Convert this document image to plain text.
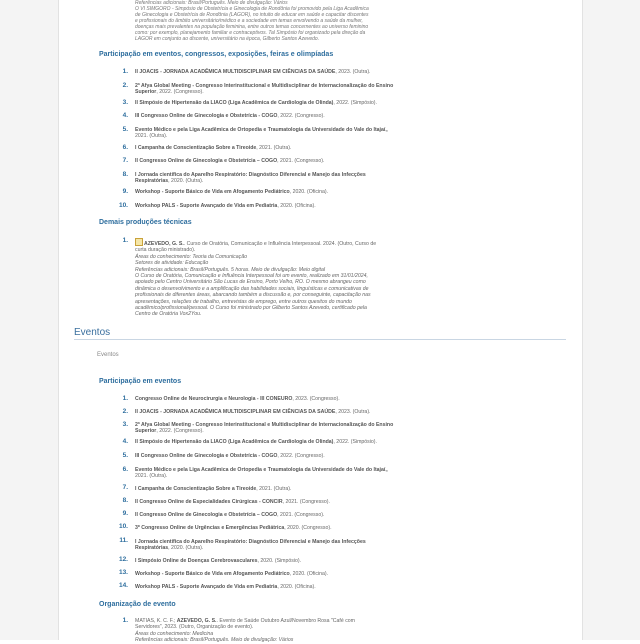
Referências adicionais: Brasil/Português. Meio de divulgação: Vários
O VI SIMGORO - Simpósio de Obstetrícia e Ginecologia de Rondônia foi promovido pela Liga Acadêmica
de Ginecologia e Obstetrícia de Rondônia (LAGOR), no intuito de educar em saúde e capacitar discentes
e profissionais do âmbito universitário/médico e a sociedade em temas envolvendo a saúde da mulher,
doenças mais prevalentes na população feminina, entre outros temas concernentes ao universo feminino
como: por exemplo, planejamento familiar e contraceptivos. Tal Simpósio foi organizado pela direção da
LAGOR em conjunto ao discente, universitário na época, Gilberto Santos Azevedo.
Participação em eventos, congressos, exposições, feiras e olimpíadas
1. II JOACIS - JORNADA ACADÊMICA MULTIDISCIPLINAR EM CIÊNCIAS DA SAÚDE, 2023. (Outra).
2. 2ª Afya Global Meeting - Congresso Interinstitucional e Multidisciplinar de Internacionalização do Ensino Superior, 2022. (Congresso).
3. II Simpósio de Hipertensão da LIACO (Liga Acadêmica de Cardiologia de Olinda), 2022. (Simpósio).
4. III Congresso Online de Ginecologia e Obstetrícia - COGO, 2022. (Congresso).
5. Evento Médico e pela Liga Acadêmica de Ortopedia e Traumatologia da Universidade do Vale do Itajaí,, 2021. (Outra).
6. I Campanha de Conscientização Sobre a Tireoide, 2021. (Outra).
7. II Congresso Online de Ginecologia e Obstetrícia – COGO, 2021. (Congresso).
8. I Jornada científica do Aparelho Respiratório: Diagnóstico Diferencial e Manejo das Infecções Respiratórias, 2020. (Outra).
9. Workshop - Suporte Básico de Vida em Afogamento Pediátrico, 2020. (Oficina).
10. Workshop PALS - Suporte Avançado de Vida em Pediatria, 2020. (Oficina).
Demais produções técnicas
1.	AZEVEDO, G. S.. Curso de Oratória, Comunicação e Influência Interpessoal. 2024. (Outro, Curso de
curta duração ministrado).
Áreas do conhecimento: Teoria da Comunicação
Setores de atividade: Educação
Referências adicionais: Brasil/Português. 5 horas. Meio de divulgação: Meio digital
O Curso de Oratória, Comunicação e Influência Interpessoal foi um evento, realizado em 31/01/2024,
apoiado pelo Centro Universitário São Lucas de Ensino, Porto Velho, RO. O mesmo abrangeu como
dinâmica o desenvolvimento e a amplificação das habilidades sociais, linguísticas e comunicativas de
profissionais de diferentes áreas, abarcando também a discussão e, por conseguinte, capacitação nas
apresentações, relações de trabalho, entrevistas de emprego, entre outros quesitos do mundo
acadêmico/profissional/pessoal. O Curso foi ministrado por Gilberto Santos Azevedo, certificado pela
Centro de Oratória Vox2You.
Eventos
Eventos
Participação em eventos
1. Congresso Online de Neurocirurgia e Neurologia - III CONEURO, 2023. (Congresso).
2. II JOACIS - JORNADA ACADÊMICA MULTIDISCIPLINAR EM CIÊNCIAS DA SAÚDE, 2023. (Outra).
3. 2ª Afya Global Meeting - Congresso Interinstitucional e Multidisciplinar de Internacionalização do Ensino Superior, 2022. (Congresso).
4. II Simpósio de Hipertensão da LIACO (Liga Acadêmica de Cardiologia de Olinda), 2022. (Simpósio).
5. III Congresso Online de Ginecologia e Obstetrícia - COGO, 2022. (Congresso).
6. Evento Médico e pela Liga Acadêmica de Ortopedia e Traumatologia da Universidade do Vale do Itajaí,, 2021. (Outra).
7. I Campanha de Conscientização Sobre a Tireoide, 2021. (Outra).
8. II Congresso Online de Especialidades Cirúrgicas - CONCIR, 2021. (Congresso).
9. II Congresso Online de Ginecologia e Obstetrícia – COGO, 2021. (Congresso).
10. 3º Congresso Online de Urgências e Emergências Pediátrica, 2020. (Congresso).
11. I Jornada científica do Aparelho Respiratório: Diagnóstico Diferencial e Manejo das Infecções Respiratórias, 2020. (Outra).
12. I Simpósio Online de Doenças Cerebrovasculares, 2020. (Simpósio).
13. Workshop - Suporte Básico de Vida em Afogamento Pediátrico, 2020. (Oficina).
14. Workshop PALS - Suporte Avançado de Vida em Pediatria, 2020. (Oficina).
Organização de evento
1. MATIAS, K. C. F.; AZEVEDO, G. S.. Evento de Saúde Outubro Azul/Novembro Rosa "Café com
Servidores", 2023. (Outro, Organização de evento).
Áreas do conhecimento: Medicina
Referências adicionais: Brasil/Português. Meio de divulgação: Vários
